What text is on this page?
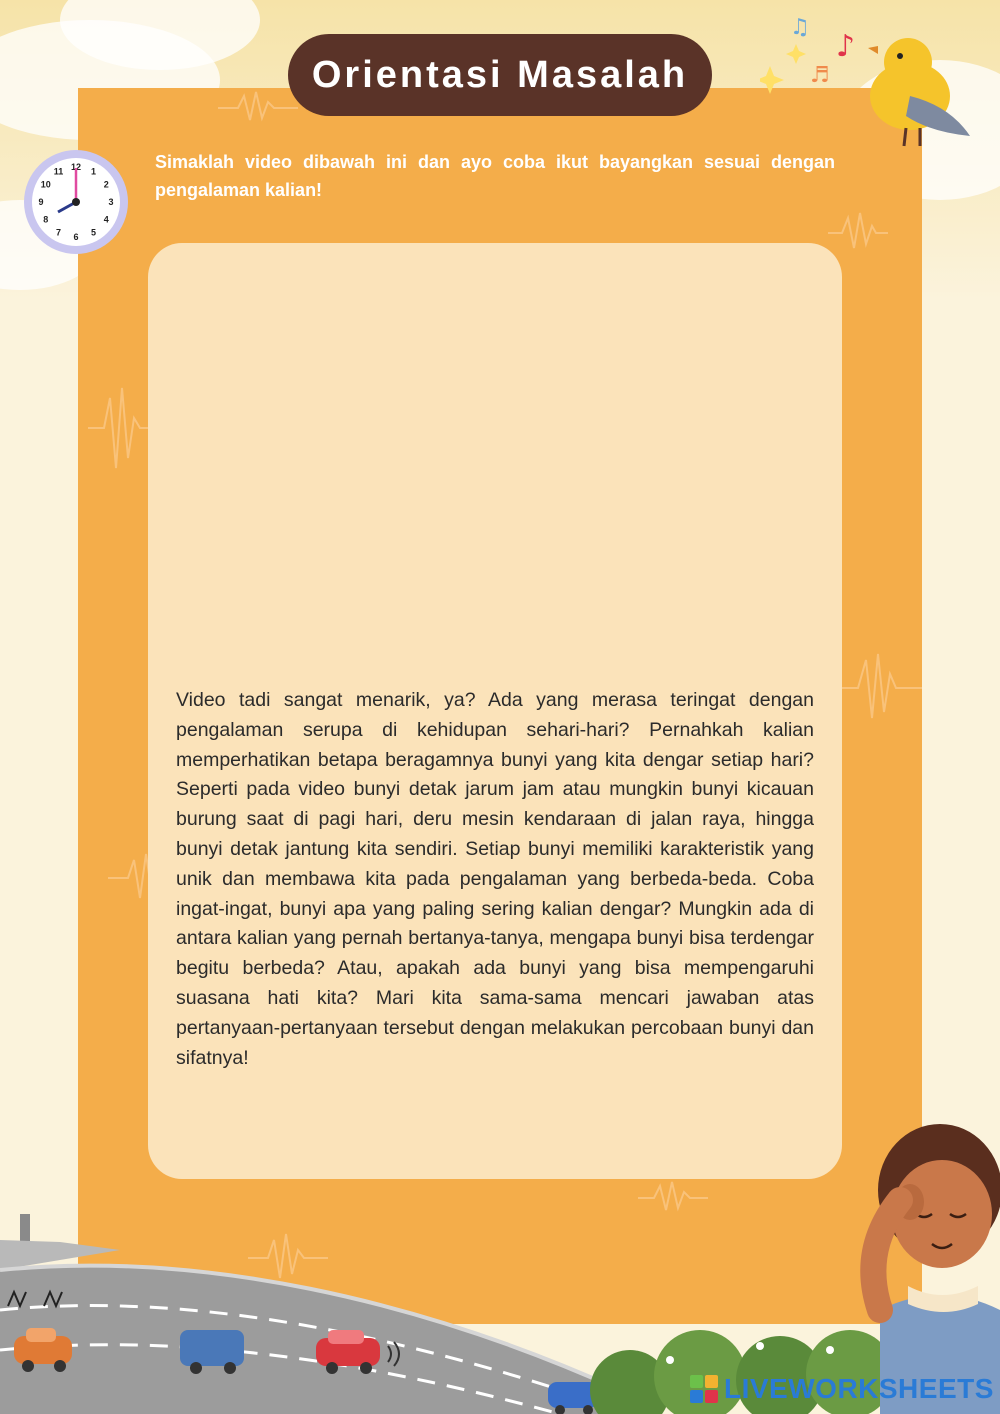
Orientasi Masalah
Simaklah video dibawah ini dan ayo coba ikut bayangkan sesuai dengan pengalaman kalian!
Video tadi sangat menarik, ya? Ada yang merasa teringat dengan pengalaman serupa di kehidupan sehari-hari? Pernahkah kalian memperhatikan betapa beragamnya bunyi yang kita dengar setiap hari? Seperti pada video bunyi detak jarum jam atau mungkin bunyi kicauan burung saat di pagi hari, deru mesin kendaraan di jalan raya, hingga bunyi detak jantung kita sendiri. Setiap bunyi memiliki karakteristik yang unik dan membawa kita pada pengalaman yang berbeda-beda. Coba ingat-ingat, bunyi apa yang paling sering kalian dengar? Mungkin ada di antara kalian yang pernah bertanya-tanya, mengapa bunyi bisa terdengar begitu berbeda? Atau, apakah ada bunyi yang bisa mempengaruhi suasana hati kita? Mari kita sama-sama mencari jawaban atas pertanyaan-pertanyaan tersebut dengan melakukan percobaan bunyi dan sifatnya!
12 1
2
3
4
5
6
7
8
9
10
11
♫
♬
♪
LIVEWORKSHEETS
